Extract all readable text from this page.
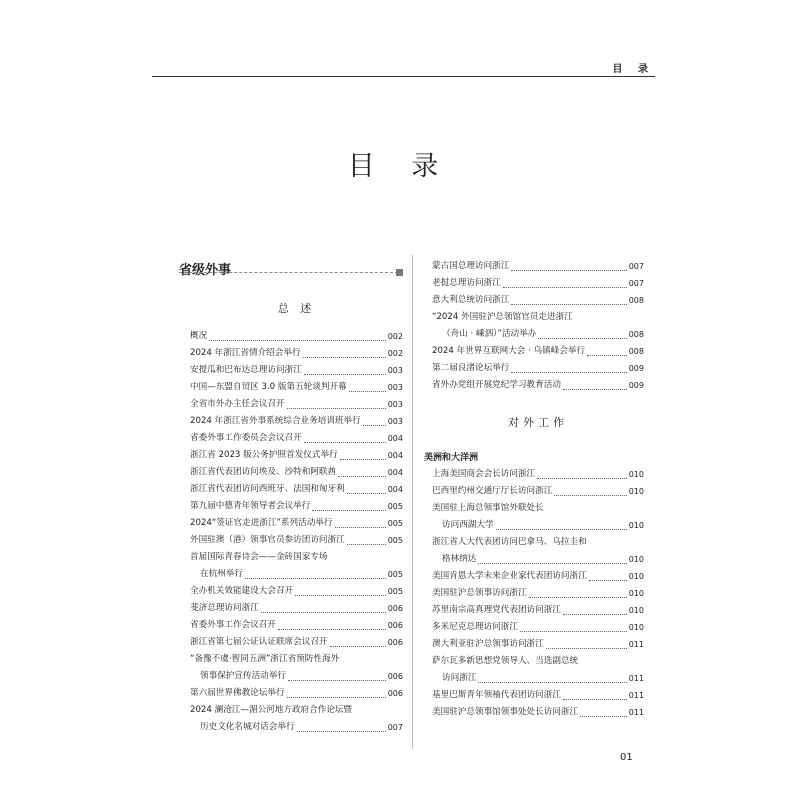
目 录
目 录
省级外事
总 述
概况	002
2024 年浙江省情介绍会举行	002
安提瓜和巴布达总理访问浙江	003
中国—东盟自贸区 3.0 版第五轮谈判开幕	003
全省市外办主任会议召开	003
2024 年浙江省外事系统综合业务培训班举行	003
省委外事工作委员会会议召开	004
浙江省 2023 版公务护照首发仪式举行	004
浙江省代表团访问埃及、沙特和阿联酋	004
浙江省代表团访问西班牙、法国和匈牙利	004
第九届中德青年领导者会议举行	005
2024“签证官走进浙江”系列活动举行	005
外国驻澳（港）领事官员参访团访问浙江	005
首届国际青春诗会——金砖国家专场
在杭州举行	005
全办机关效能建设大会召开	005
斐济总理访问浙江	006
省委外事工作会议召开	006
浙江省第七届公证认证联席会议召开	006
“备豫不虞·智同五洲”浙江省预防性海外
领事保护宣传活动举行	006
第六届世界佛教论坛举行	006
2024 澜沧江—湄公河地方政府合作论坛暨
历史文化名城对话会举行	007
蒙古国总理访问浙江	007
老挝总理访问浙江	007
意大利总统访问浙江	008
“2024 外国驻沪总领馆官员走进浙江
（舟山 · 嵊泗）”活动举办	008
2024 年世界互联网大会 · 乌镇峰会举行	008
第二届良渚论坛举行	009
省外办党组开展党纪学习教育活动	009
对外工作
美洲和大洋洲
上海美国商会会长访问浙江	010
巴西里约州交通厅厅长访问浙江	010
美国驻上海总领事馆外联处长
访问西湖大学	010
浙江省人大代表团访问巴拿马、乌拉圭和
格林纳达	010
美国肯恩大学未来企业家代表团访问浙江	010
美国驻沪总领事访问浙江	010
苏里南宗高真理党代表团访问浙江	010
多米尼克总理访问浙江	010
澳大利亚驻沪总领事访问浙江	011
萨尔瓦多新思想党领导人、当选副总统
访问浙江	011
基里巴斯青年领袖代表团访问浙江	011
美国驻沪总领事馆领事处处长访问浙江	011
01
